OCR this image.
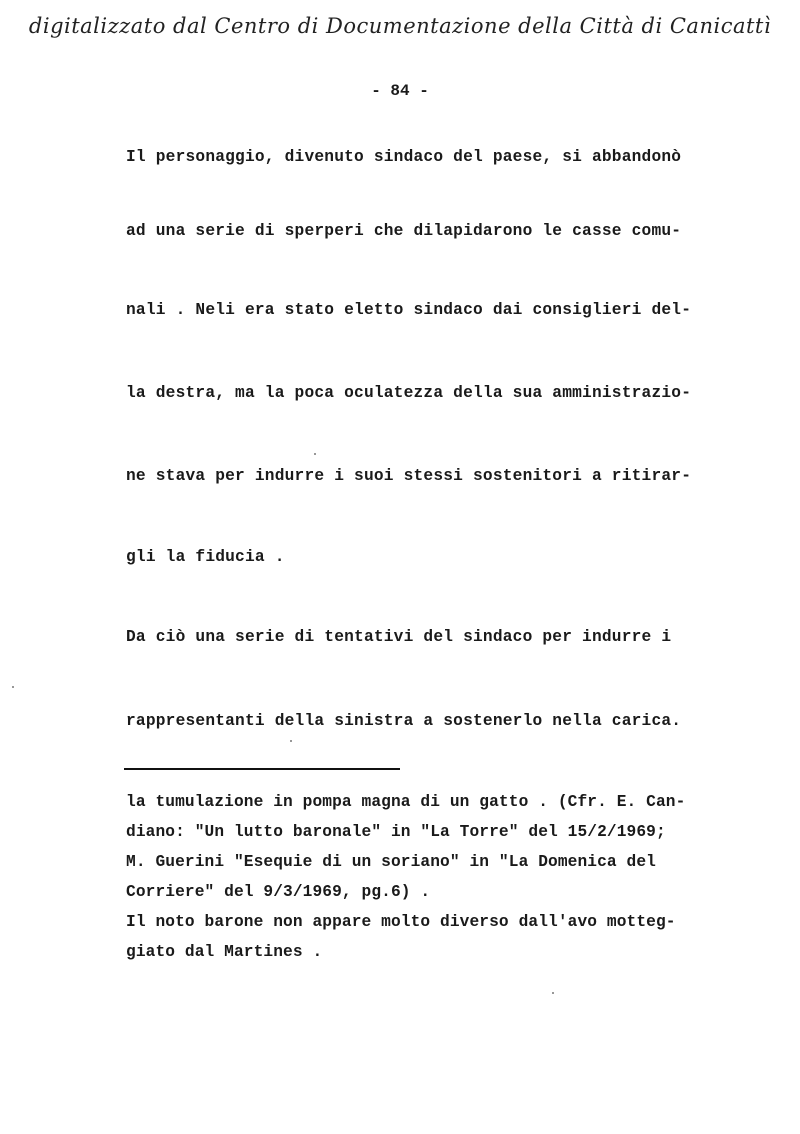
digitalizzato dal Centro di Documentazione della Città di Canicattì
- 84 -
Il personaggio, divenuto sindaco del paese, si abbandonò
ad una serie di sperperi che dilapidarono le casse comu-
nali . Neli era stato eletto sindaco dai consiglieri del-
la destra, ma la poca oculatezza della sua amministrazio-
ne stava per indurre i suoi stessi sostenitori a ritirar-
gli la fiducia .
Da ciò una serie di tentativi del sindaco per indurre i
rappresentanti della sinistra a sostenerlo nella carica.
la tumulazione in pompa magna di un gatto . (Cfr. E. Can-
diano: "Un lutto baronale" in "La Torre" del 15/2/1969;
M. Guerini "Esequie di un soriano" in "La Domenica del
Corriere" del 9/3/1969, pg.6) .
Il noto barone non appare molto diverso dall'avo motteg-
giato dal Martines .
